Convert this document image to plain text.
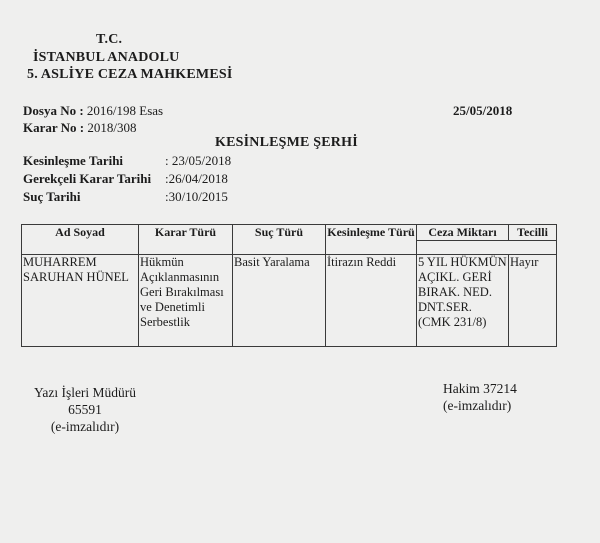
T.C.
İSTANBUL ANADOLU
5. ASLİYE CEZA MAHKEMESİ
Dosya No : 2016/198 Esas
Karar No : 2018/308
25/05/2018
KESİNLEŞME ŞERHİ
Kesinleşme Tarihi	: 23/05/2018
Gerekçeli Karar Tarihi :26/04/2018
Suç Tarihi	:30/10/2015
Ad Soyad	Karar Türü	Suç Türü	Kesinleşme Türü	Ceza Miktarı	Tecilli

MUHARREM SARUHAN HÜNEL	Hükmün Açıklanmasının Geri Bırakılması ve Denetimli Serbestlik	Basit Yaralama	İtirazın Reddi	5 YIL HÜKMÜN AÇIKL. GERİ BIRAK. NED. DNT.SER. (CMK 231/8)	Hayır
Yazı İşleri Müdürü
65591
(e-imzalıdır)
Hakim 37214
(e-imzalıdır)
